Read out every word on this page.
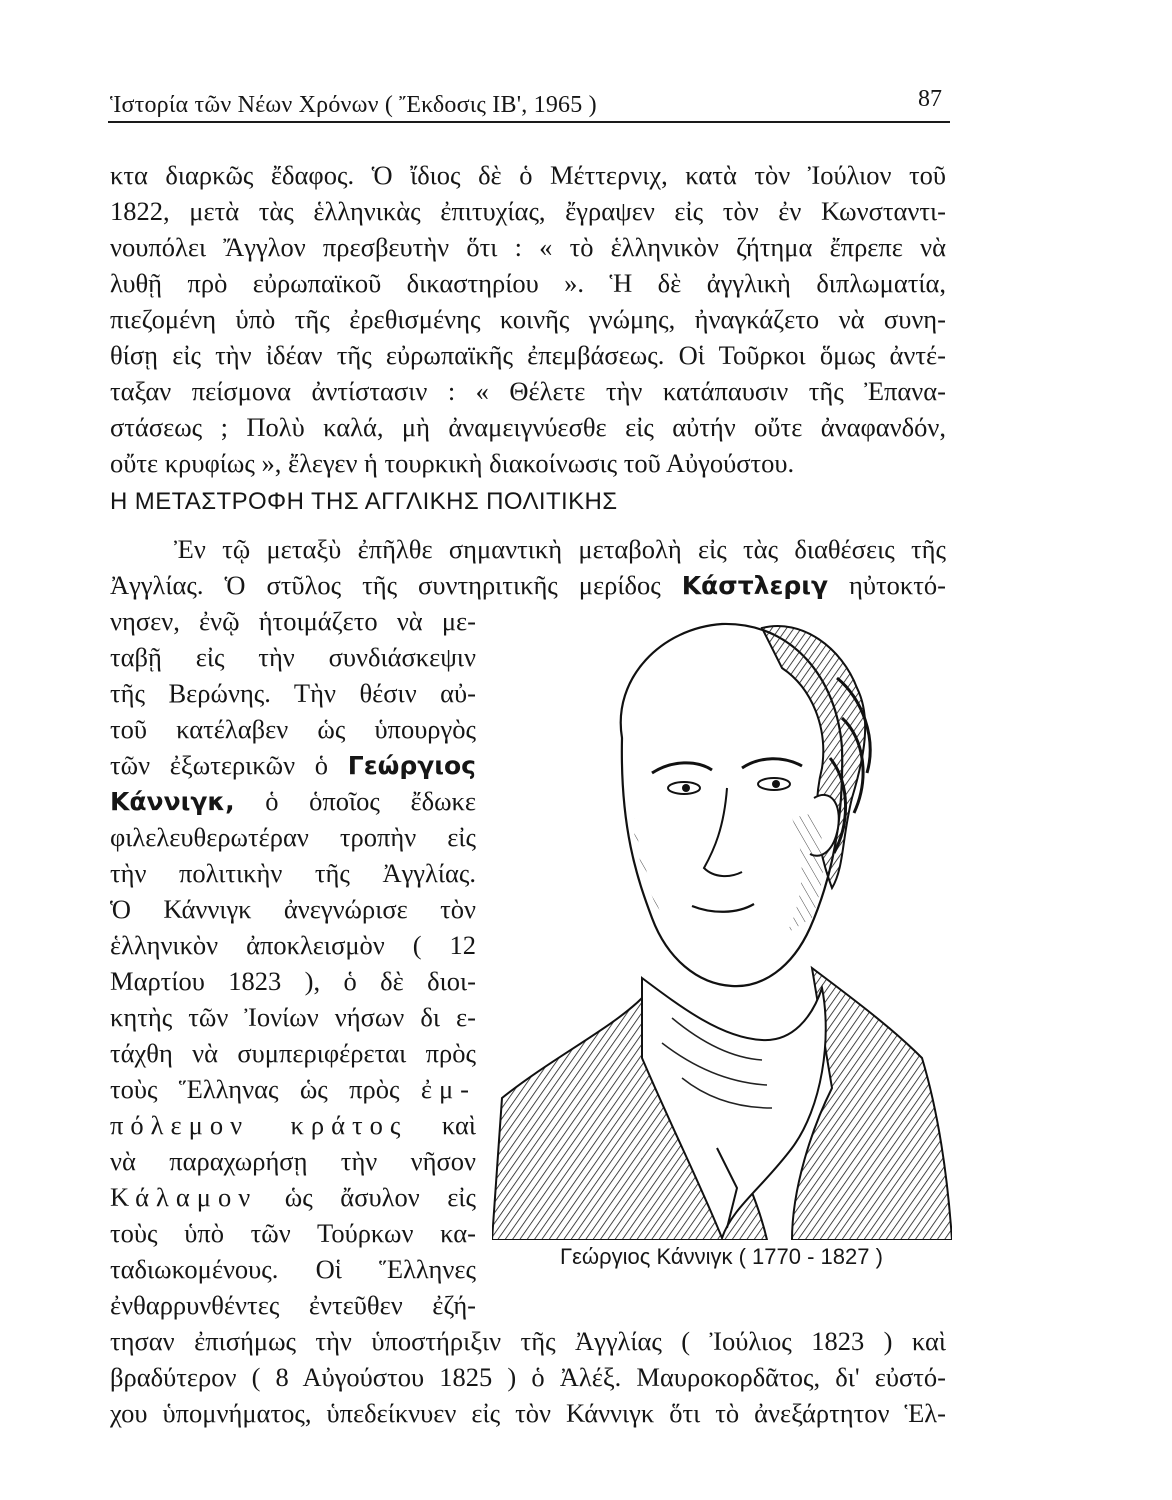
Ἱστορία τῶν Νέων Χρόνων ( Ἔκδοσις ΙΒ', 1965 )	87
κτα διαρκῶς ἔδαφος. Ὁ ἴδιος δὲ ὁ Μέττερνιχ, κατὰ τὸν Ἰούλιον τοῦ
1822, μετὰ τὰς ἑλληνικὰς ἐπιτυχίας, ἔγραψεν εἰς τὸν ἐν Κωνσταντι-
νουπόλει Ἄγγλον πρεσβευτὴν ὅτι : « τὸ ἑλληνικὸν ζήτημα ἔπρεπε νὰ
λυθῇ πρὸ εὐρωπαϊκοῦ δικαστηρίου ». Ἡ δὲ ἀγγλικὴ διπλωματία,
πιεζομένη ὑπὸ τῆς ἐρεθισμένης κοινῆς γνώμης, ἠναγκάζετο νὰ συνη-
θίσῃ εἰς τὴν ἰδέαν τῆς εὐρωπαϊκῆς ἐπεμβάσεως. Οἱ Τοῦρκοι ὅμως ἀντέ-
ταξαν πείσμονα ἀντίστασιν : « Θέλετε τὴν κατάπαυσιν τῆς Ἐπανα-
στάσεως ; Πολὺ καλά, μὴ ἀναμειγνύεσθε εἰς αὐτήν οὔτε ἀναφανδόν,
οὔτε κρυφίως », ἔλεγεν ἡ τουρκικὴ διακοίνωσις τοῦ Αὐγούστου.
Η ΜΕΤΑΣΤΡΟΦΗ ΤΗΣ ΑΓΓΛΙΚΗΣ ΠΟΛΙΤΙΚΗΣ
Ἐν τῷ μεταξὺ ἐπῆλθε σημαντικὴ μεταβολὴ εἰς τὰς διαθέσεις τῆς
Ἀγγλίας. Ὁ στῦλος τῆς συντηριτικῆς μερίδος Κάστλεριγ ηὐτοκτό-
νησεν, ἐνῷ ἡτοιμάζετο νὰ με-
ταβῇ εἰς τὴν συνδιάσκεψιν
τῆς Βερώνης. Τὴν θέσιν αὐ-
τοῦ κατέλαβεν ὡς ὑπουργὸς
τῶν ἐξωτερικῶν ὁ Γεώργιος
Κάννιγκ, ὁ ὁποῖος ἔδωκε
φιλελευθερωτέραν τροπὴν εἰς
τὴν πολιτικὴν τῆς Ἀγγλίας.
Ὁ Κάννιγκ ἀνεγνώρισε τὸν
ἑλληνικὸν ἀποκλεισμὸν ( 12
Μαρτίου 1823 ), ὁ δὲ διοι-
κητὴς τῶν Ἰονίων νήσων δι ε-
τάχθη νὰ συμπεριφέρεται πρὸς
τοὺς Ἕλληνας ὡς πρὸς ἐμ-
πόλεμον κράτος καὶ
νὰ παραχωρήσῃ τὴν νῆσον
Κάλαμον ὡς ἄσυλον εἰς
τοὺς ὑπὸ τῶν Τούρκων κα-
ταδιωκομένους. Οἱ Ἕλληνες
ἐνθαρρυνθέντες ἐντεῦθεν ἐζή-
τησαν ἐπισήμως τὴν ὑποστήριξιν τῆς Ἀγγλίας ( Ἰούλιος 1823 ) καὶ
βραδύτερον ( 8 Αὐγούστου 1825 ) ὁ Ἀλέξ. Μαυροκορδᾶτος, δι' εὐστό-
χου ὑπομνήματος, ὑπεδείκνυεν εἰς τὸν Κάννιγκ ὅτι τὸ ἀνεξάρτητον Ἑλ-
Γεώργιος Κάννιγκ ( 1770 - 1827 )
